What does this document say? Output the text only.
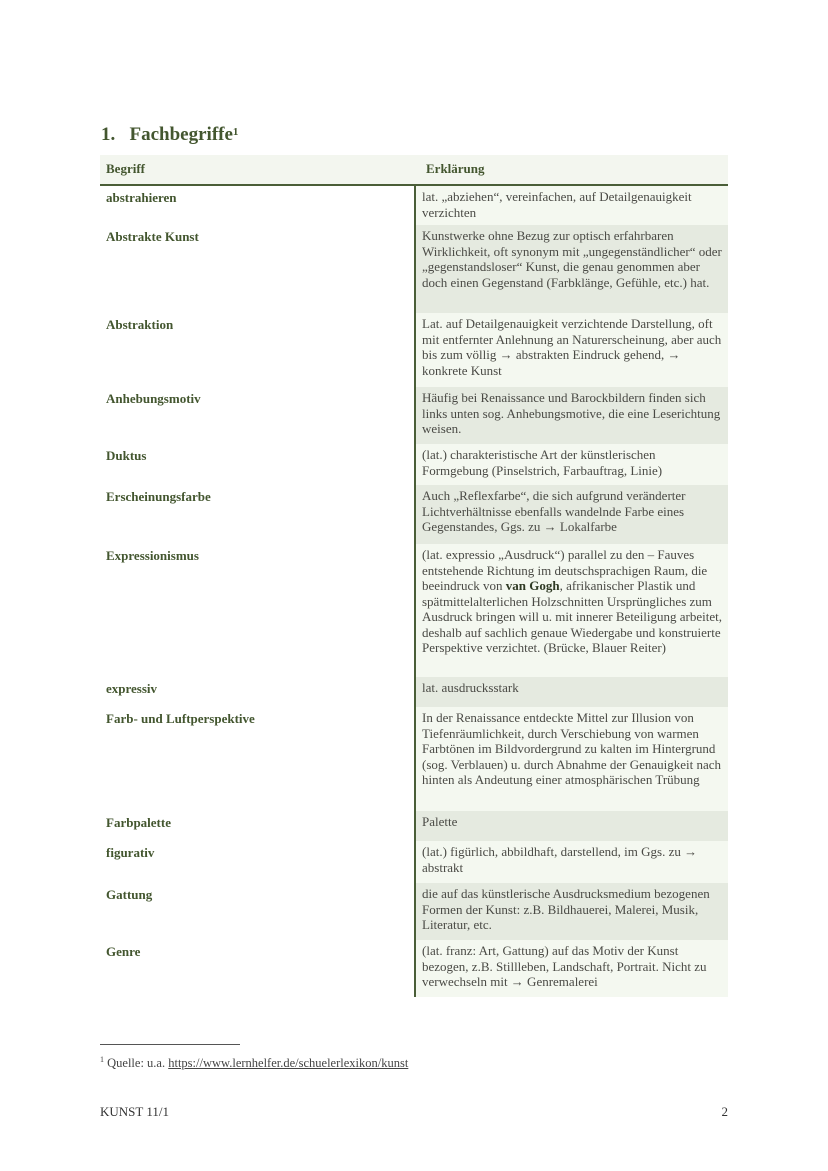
1. Fachbegriffe$^1$
Begriff	Erklärung
abstrahieren	lat. „abziehen“, vereinfachen, auf Detailgenauigkeit verzichten
Abstrakte Kunst	Kunstwerke ohne Bezug zur optisch erfahrbaren Wirklichkeit, oft synonym mit „ungegenständlicher“ oder „gegenstandsloser“ Kunst, die genau genommen aber doch einen Gegenstand (Farbklänge, Gefühle, etc.) hat.
Abstraktion	Lat. auf Detailgenauigkeit verzichtende Darstellung, oft mit entfernter Anlehnung an Naturerscheinung, aber auch bis zum völlig → abstrakten Eindruck gehend, → konkrete Kunst
Anhebungsmotiv	Häufig bei Renaissance und Barockbildern finden sich links unten sog. Anhebungsmotive, die eine Leserichtung weisen.
Duktus	(lat.) charakteristische Art der künstlerischen Formgebung (Pinselstrich, Farbauftrag, Linie)
Erscheinungsfarbe	Auch „Reflexfarbe“, die sich aufgrund veränderter Lichtverhältnisse ebenfalls wandelnde Farbe eines Gegenstandes, Ggs. zu → Lokalfarbe
Expressionismus	(lat. expressio „Ausdruck“) parallel zu den – Fauves entstehende Richtung im deutschsprachigen Raum, die beeindruck von van Gogh, afrikanischer Plastik und spätmittelalterlichen Holzschnitten Ursprüngliches zum Ausdruck bringen will u. mit innerer Beteiligung arbeitet, deshalb auf sachlich genaue Wiedergabe und konstruierte Perspektive verzichtet. (Brücke, Blauer Reiter)
expressiv	lat. ausdrucksstark
Farb- und Luftperspektive	In der Renaissance entdeckte Mittel zur Illusion von Tiefenräumlichkeit, durch Verschiebung von warmen Farbtönen im Bildvordergrund zu kalten im Hintergrund (sog. Verblauen) u. durch Abnahme der Genauigkeit nach hinten als Andeutung einer atmosphärischen Trübung
Farbpalette	Palette
figurativ	(lat.) figürlich, abbildhaft, darstellend, im Ggs. zu → abstrakt
Gattung	die auf das künstlerische Ausdrucksmedium bezogenen Formen der Kunst: z.B. Bildhauerei, Malerei, Musik, Literatur, etc.
Genre	(lat. franz: Art, Gattung) auf das Motiv der Kunst bezogen, z.B. Stillleben, Landschaft, Portrait. Nicht zu verwechseln mit → Genremalerei
$^1$ Quelle: u.a. https://www.lernhelfer.de/schuelerlexikon/kunst
KUNST 11/1	2
